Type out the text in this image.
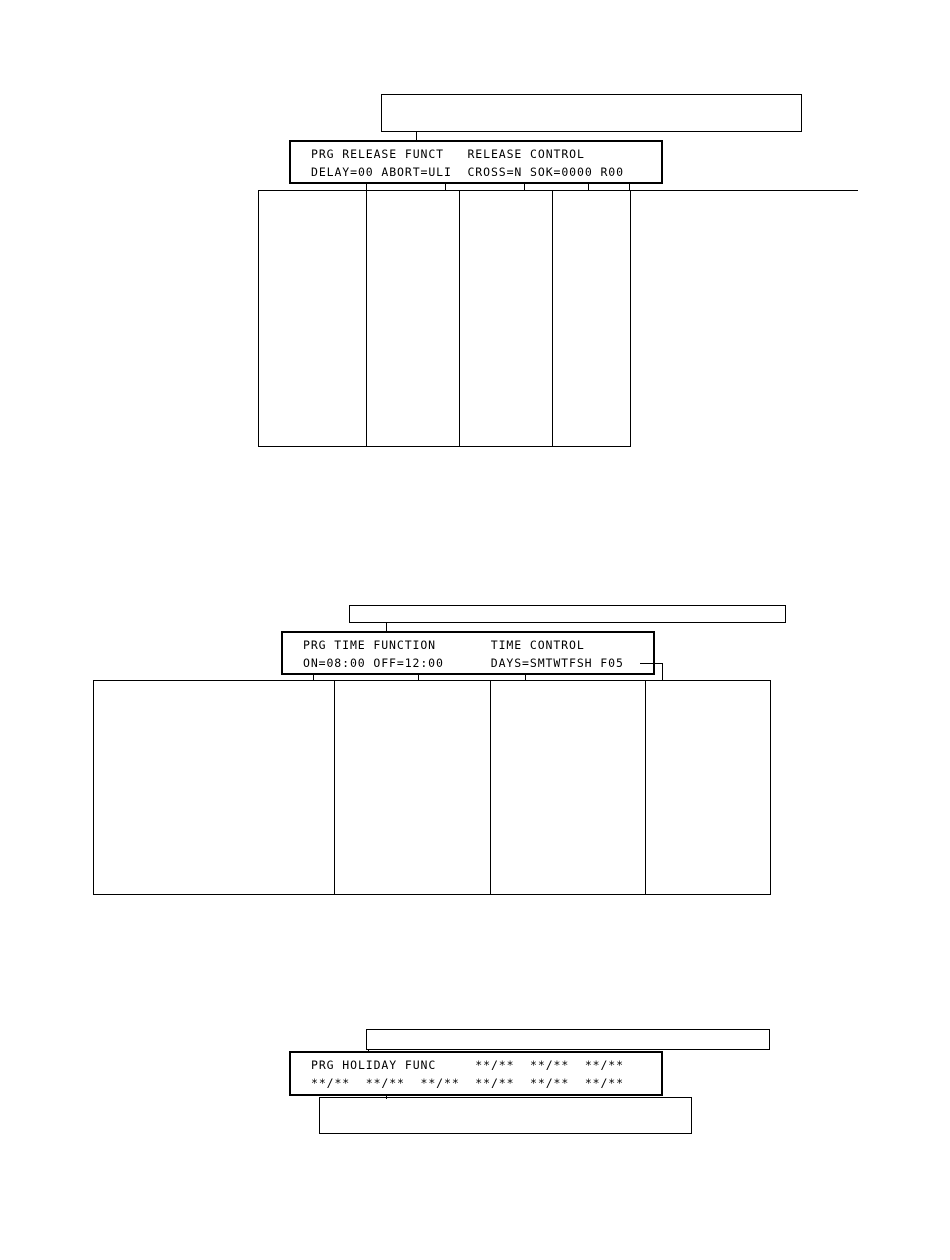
PRG RELEASE FUNCT   RELEASE CONTROL
DELAY=00 ABORT=ULI  CROSS=N SOK=0000 R00
PRG TIME FUNCTION       TIME CONTROL
ON=08:00 OFF=12:00      DAYS=SMTWTFSH F05
PRG HOLIDAY FUNC     **/**  **/**  **/**
**/**  **/**  **/**  **/**  **/**  **/**
